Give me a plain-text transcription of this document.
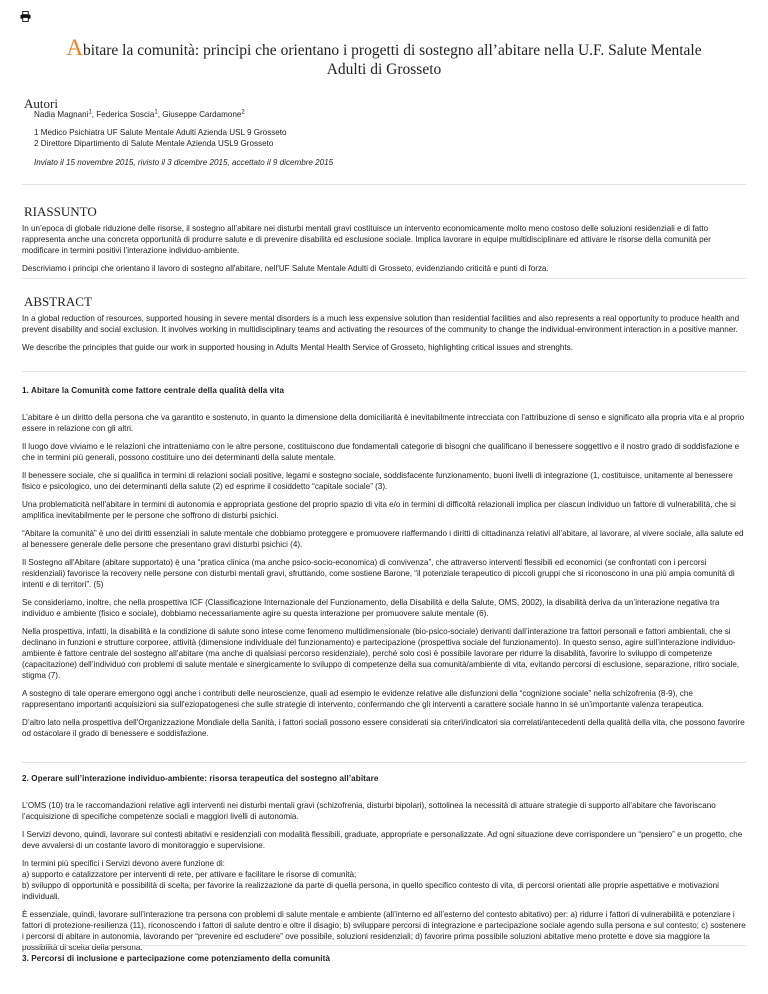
Abitare la comunità: principi che orientano i progetti di sostegno all’abitare nella U.F. Salute Mentale Adulti di Grosseto
Autori

Nadia Magnani$^1$, Federica Soscia$^1$, Giuseppe Cardamone$^2$

1 Medico Psichiatra UF Salute Mentale Adulti Azienda USL 9 Grosseto

2 Direttore Dipartimento di Salute Mentale Azienda USL9 Grosseto

Inviato il 15 novembre 2015, rivisto il 3 dicembre 2015, accettato il 9 dicembre 2015

RIASSUNTO

In un’epoca di globale riduzione delle risorse, il sostegno all’abitare nei disturbi mentali gravi costituisce un intervento economicamente molto meno costoso delle soluzioni residenziali e di fatto rappresenta anche una concreta opportunità di produrre salute e di prevenire disabilità ed esclusione sociale. Implica lavorare in equipe multidisciplinare ed attivare le risorse della comunità per modificare in termini positivi l’interazione individuo-ambiente.

Descriviamo i principi che orientano il lavoro di sostegno all'abitare, nell'UF Salute Mentale Adulti di Grosseto, evidenziando criticità e punti di forza.

ABSTRACT

In a global reduction of resources, supported housing in severe mental disorders is a much less expensive solution than residential facilities and also represents a real opportunity to produce health and prevent disability and social exclusion. It involves working in multidisciplinary teams and activating the resources of the community to change the individual-environment interaction in a positive manner.

We describe the principles that guide our work in supported housing in Adults Mental Health Service of Grosseto, highlighting critical issues and strenghts.

1. Abitare la Comunità come fattore centrale della qualità della vita

L’abitare è un diritto della persona che va garantito e sostenuto, in quanto la dimensione della domiciliarità è inevitabilmente intrecciata con l’attribuzione di senso e significato alla propria vita e al proprio essere in relazione con gli altri.

Il luogo dove viviamo e le relazioni che intratteniamo con le altre persone, costituiscono due fondamentali categorie di bisogni che qualificano il benessere soggettivo e il nostro grado di soddisfazione e che in termini più generali, possono costituire uno dei determinanti della salute mentale.

Il benessere sociale, che si qualifica in termini di relazioni sociali positive, legami e sostegno sociale, soddisfacente funzionamento, buoni livelli di integrazione (1, costituisce, unitamente al benessere fisico e psicologico, uno dei determinanti della salute (2) ed esprime il cosiddetto “capitale sociale” (3).

Una problematicità nell’abitare in termini di autonomia e appropriata gestione del proprio spazio di vita e/o in termini di difficoltà relazionali implica per ciascun individuo un fattore di vulnerabilità, che si amplifica inevitabilmente per le persone che soffrono di disturbi psichici.

“Abitare la comunità” è uno dei diritti essenziali in salute mentale che dobbiamo proteggere e promuovere riaffermando i diritti di cittadinanza relativi all’abitare, al lavorare, al vivere sociale, alla salute ed al benessere generale delle persone che presentano gravi disturbi psichici (4).

Il Sostegno all'Abitare (abitare supportato) è una “pratica clinica (ma anche psico-socio-economica) di convivenza”, che attraverso interventi flessibili ed economici (se confrontati con i percorsi residenziali) favorisce la recovery nelle persone con disturbi mentali gravi, sfruttando, come sostiene Barone, “il potenziale terapeutico di piccoli gruppi che si riconoscono in una più ampia comunità di intenti e di territori”. (5)

Se consideriamo, inoltre, che nella prospettiva ICF (Classificazione Internazionale del Funzionamento, della Disabilità e della Salute, OMS, 2002), la disabilità deriva da un’interazione negativa tra individuo e ambiente (fisico e sociale), dobbiamo necessariamente agire su questa interazione per promuovere salute mentale (6).

Nella prospettiva, infatti, la disabilità e la condizione di salute sono intese come fenomeno multidimensionale (bio-psico-sociale) derivanti dall’interazione tra fattori personali e fattori ambientali, che si declinano in funzioni e strutture corporee, attività (dimensione individuale del funzionamento) e partecipazione (prospettiva sociale del funzionamento). In questo senso, agire sull’interazione individuo-ambiente è fattore centrale del sostegno all’abitare (ma anche di qualsiasi percorso residenziale), perché solo così è possibile lavorare per ridurre la disabilità, favorire lo sviluppo di competenze (capacitazione) dell’individuo con problemi di salute mentale e sinergicamente lo sviluppo di competenze della sua comunità/ambiente di vita, evitando percorsi di esclusione, separazione, ritiro sociale, stigma (7).

A sostegno di tale operare emergono oggi anche i contributi delle neuroscienze, quali ad esempio le evidenze relative alle disfunzioni della “cognizione sociale” nella schizofrenia (8-9), che rappresentano importanti acquisizioni sia sull'eziopatogenesi che sulle strategie di intervento, confermando che gli interventi a carattere sociale hanno in sé un’importante valenza terapeutica.

D’altro lato nella prospettiva dell'Organizzazione Mondiale della Sanità, i fattori sociali possono essere considerati sia criteri/indicatori sia correlati/antecedenti della qualità della vita, che possono favorire od ostacolare il grado di benessere e soddisfazione.

2. Operare sull’interazione individuo-ambiente: risorsa terapeutica del sostegno all’abitare

L’OMS (10) tra le raccomandazioni relative agli interventi nei disturbi mentali gravi (schizofrenia, disturbi bipolari), sottolinea la necessità di attuare strategie di supporto all’abitare che favoriscano l’acquisizione di specifiche competenze sociali e maggiori livelli di autonomia.

I Servizi devono, quindi, lavorare sui contesti abitativi e residenziali con modalità flessibili, graduate, appropriate e personalizzate. Ad ogni situazione deve corrispondere un “pensiero” e un progetto, che deve avvalersi di un costante lavoro di monitoraggio e supervisione.

In termini più specifici i Servizi devono avere funzione di:
a) supporto e catalizzatore per interventi di rete, per attivare e facilitare le risorse di comunità;
b) sviluppo di opportunità e possibilità di scelta, per favorire la realizzazione da parte di quella persona, in quello specifico contesto di vita, di percorsi orientati alle proprie aspettative e motivazioni individuali.

È essenziale, quindi, lavorare sull’interazione tra persona con problemi di salute mentale e ambiente (all’interno ed all’esterno del contesto abitativo) per: a) ridurre i fattori di vulnerabilità e potenziare i fattori di protezione-resilienza (11), riconoscendo i fattori di salute dentro e oltre il disagio; b) sviluppare percorsi di integrazione e partecipazione sociale agendo sulla persona e sul contesto; c) sostenere i percorsi di abitare in autonomia, lavorando per “prevenire ed escludere” ove possibile, soluzioni residenziali; d) favorire prima possibile soluzioni abitative meno protette e dove sia maggiore la possibilità di scelta della persona.

3. Percorsi di inclusione e partecipazione come potenziamento della comunità
